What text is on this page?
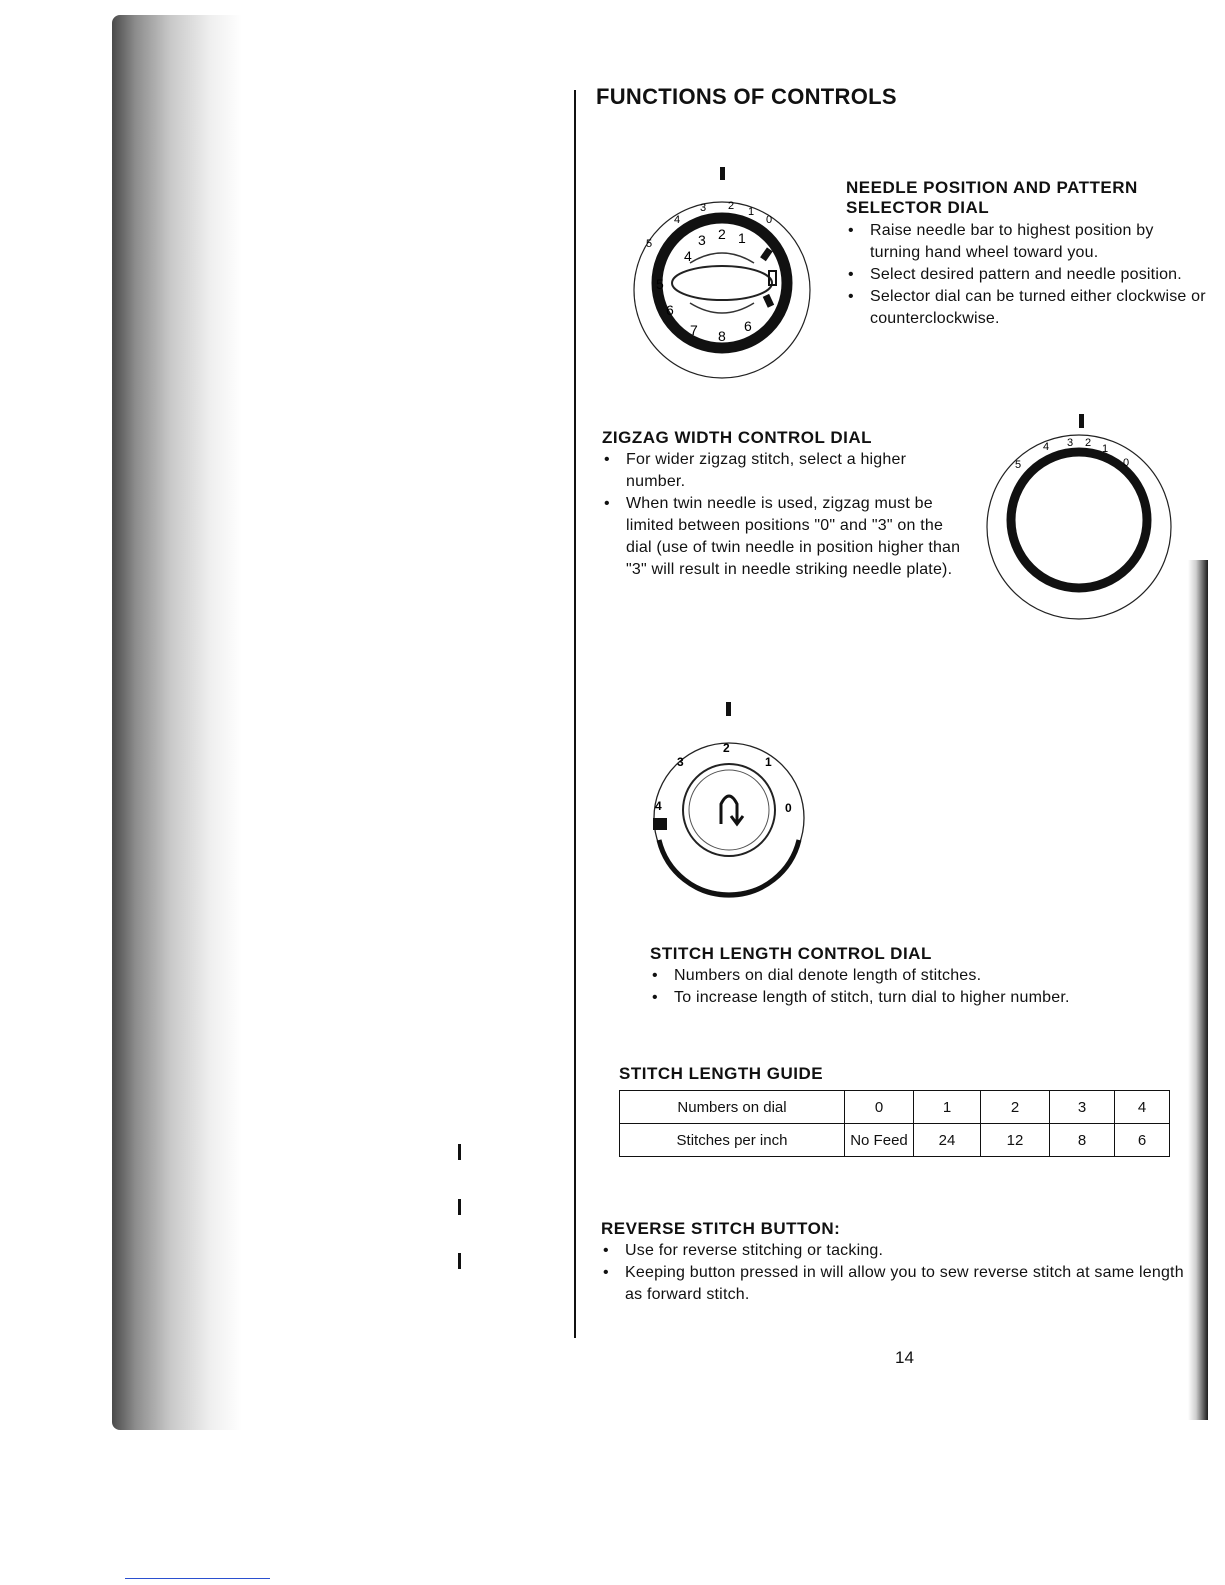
FUNCTIONS OF CONTROLS
5
4
3 2 1
0
4
3 2 1
5
6
7 8
6
NEEDLE POSITION AND PATTERN
SELECTOR DIAL
• Raise needle bar to highest position by turning hand wheel toward you.
• Select desired pattern and needle position.
• Selector dial can be turned either clockwise or counterclockwise.
ZIGZAG WIDTH CONTROL DIAL
• For wider zigzag stitch, select a higher number.
• When twin needle is used, zigzag must be limited between positions "0" and "3" on the dial (use of twin needle in position higher than "3" will result in needle striking needle plate).
5
4 3 2 1
0
4
3
2
1
0
STITCH LENGTH CONTROL DIAL
• Numbers on dial denote length of stitches.
• To increase length of stitch, turn dial to higher number.
STITCH LENGTH GUIDE
Numbers on dial	0	1	2	3	4
Stitches per inch	No Feed	24	12	8	6
REVERSE STITCH BUTTON:
• Use for reverse stitching or tacking.
• Keeping button pressed in will allow you to sew reverse stitch at same length as forward stitch.
14
